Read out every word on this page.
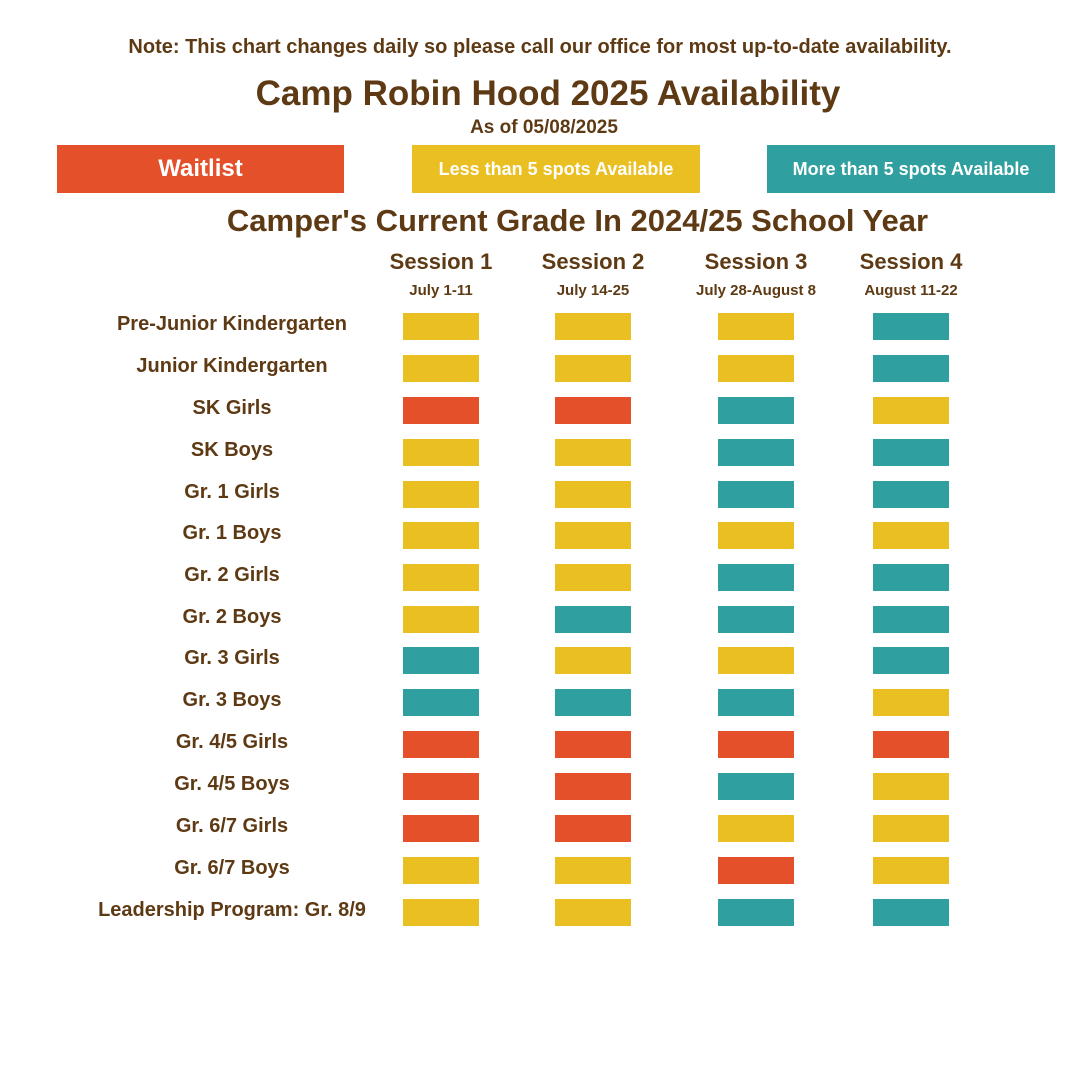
Note: This chart changes daily so please call our office for most up-to-date availability.
Camp Robin Hood 2025 Availability
As of 05/08/2025
Waitlist	Less than 5 spots Available	More than 5 spots Available
Camper's Current Grade In 2024/25 School Year
Session 1
July 1-11
Session 2
July 14-25
Session 3
July 28-August 8
Session 4
August 11-22
Pre-Junior Kindergarten
Junior Kindergarten
SK Girls
SK Boys
Gr. 1 Girls
Gr. 1 Boys
Gr. 2 Girls
Gr. 2 Boys
Gr. 3 Girls
Gr. 3 Boys
Gr. 4/5 Girls
Gr. 4/5 Boys
Gr. 6/7 Girls
Gr. 6/7 Boys
Leadership Program: Gr. 8/9
